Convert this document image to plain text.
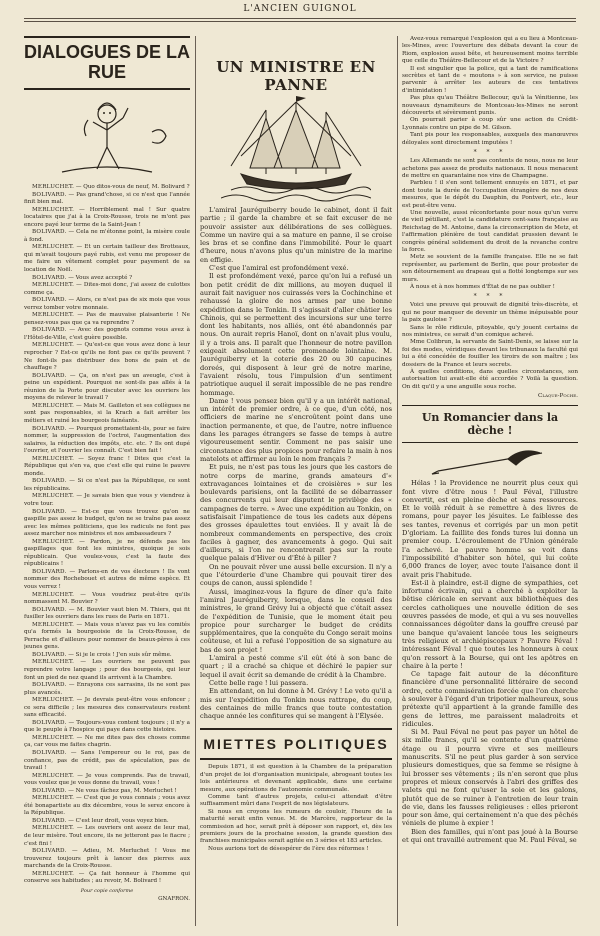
L'ANCIEN GUIGNOL
DIALOGUES DE LA RUE

MERLUCHET. — Quo ditos-vous de neuf, M. Bolivard ?

BOLIVARD. — Pas grand'chose, si ce n'est que l'année finit bien mal.

MERLUCHET. — Horriblement mal ! Sur quatre locataires que j'ai à la Croix-Rousse, trois ne m'ont pas encore payé leur terme de la Saint-Jean !

BOLIVARD. — Cela ne m'étonne point, la misère coule à fond.

MERLUCHET. — Et un certain tailleur des Brotteaux, qui m'avait toujours payé rubis, est venu me proposer de me faire un vêtement complet pour payement de sa location de Noël.

BOLIVARD. — Vous avez accepté ?

MERLUCHET. — Dites-moi donc, j'ai assez de culottes comme ça.

BOLIVARD. — Alors, ce n'est pas de six mois que vous verrez tomber votre monnaie.

MERLUCHET. — Pas de mauvaise plaisanterie ! Ne pensez-vous pas que ça va reprendre ?

BOLIVARD. — Avec des gognots comme vous avez à l'Hôtel-de-Ville, c'est guère possible.

MERLUCHET. — Qu'est-ce que vous avez donc à leur reprocher ? Est-ce qu'ils ne font pas ce qu'ils peuvent ? Ne font-ils pas distribuer des bons de pain et de chauffage ?

BOLIVARD. — Ça, on n'est pas un aveugle, c'est à peine un expédient. Pourquoi ne sont-ils pas allés à la réunion de la Porte pour discuter avec les ouvriers les moyens de relever le travail ?

MERLUCHET. — Mais M. Gailleton et ses collègues ne sont pas responsables, si la Krach a fait arrêter les métiers et ruiné les bourgeois fainéants.

BOLIVARD. — Pourquoi promettaient-ils, pour se faire nommer, la suppression de l'octroi, l'augmentation des salaires, la réduction des impôts, etc. etc. ? Ils ont dupé l'ouvrier, et l'ouvrier les connaît. C'est bien fait !

MERLUCHET. — Soyez franc ! Dites que c'est la République qui s'en va, que c'est elle qui ruine le pauvre monde.

BOLIVARD. — Si ce n'est pas la République, ce sont les républicains.

MERLUCHET. — Je savais bien que vous y viendrez à votre tour.

BOLIVARD. — Est-ce que vous trouvez qu'on ne gaspille pas assez le budget, qu'on ne se traîne pas assez avec les mêmes politiciens, que les radiculs ne font pas assez marcher nos ministres et nos ambassadeurs ?

MERLUCHET. — Pardon, je ne défends pas les gaspillages que font les ministres, quoique je sois républicain. Que voulez-vous, c'est la faute des républicains !

BOLIVARD. — Parlons-en de vos électeurs ! Ils vont nommer des Rochebouet et autres de même espèce. Et vous verrez !

MERLUCHET. — Vous voudriez peut-être qu'ils nommassent M. Bouvier ?

BOLIVARD. — M. Bouvier vaut bien M. Thiers, qui fit fusiller les ouvriers dans les rues de Paris en 1871.

MERLUCHET. — Mais vous n'avez pas vu les comités qu'a formés la bourgeoisie de la Croix-Rousse, de Perrache et d'ailleurs pour nommer de beaux-pères à ces jeunes gens.

BOLIVARD. — Si je le crois ! J'en suis sûr même.

MERLUCHET. — Les ouvriers ne peuvent pas reprendre votre langage ; pour des bourgeois, qui leur font un pied de nez quand ils arrivent à la Chambre.

BOLIVARD. — Enrayons ces sarrasins, ils ne sont pas plus avancés.

MERLUCHET. — Je devrais peut-être vous enfoncer ; ce sera difficile ; les mesures des conservateurs restent sans efficacité.

BOLIVARD. — Toujours-vous content toujours ; il n'y a que le peuple à l'hospice qui paye dans cette histoire.

MERLUCHET. — Ne me dites pas des choses comme ça, car vous me faites chagrin.

BOLIVARD. — Sans l'empereur ou le roi, pas de confiance, pas de crédit, pas de spéculation, pas de travail !

MERLUCHET. — Je vous comprends. Pas de travail, vous voulez que je vous donne du travail, vous !

BOLIVARD. — Ne vous fâchez pas, M. Merluchet !

MERLUCHET. — C'est que je vous connais ; vous avez été bonapartiste au dix décembre, vous le serez encore à la République.

BOLIVARD. — C'est leur droit, vous voyez bien.

MERLUCHET. — Les ouvriers ont assez de leur mal, de leur misère. Tout encore, ils ne jetteront pas le fiacre ; c'est fini !

BOLIVARD. — Adieu, M. Merluchet ! Vous me trouverez toujours prêt à lancer des pierres aux marchands de la Croix-Rousse.

MERLUCHET. — Ça fait honneur à l'homme qui conserve ses habitudes ; au revoir, M. Bolivard !

Pour copie conforme
GNAFRON.
UN MINISTRE EN PANNE

L'amiral Jauréguiberry boude le cabinet, dont il fait partie ; il garde la chambre et se fait excuser de ne pouvoir assister aux délibérations de ses collègues. Comme un navire qui a sa mature en panne, il se croise les bras et se confine dans l'immobilité. Pour le quart d'heure, nous n'avons plus qu'un ministre de la marine en effigie.

C'est que l'amiral est profondément vexé.

Il est profondément vexé, parce qu'on lui a refusé un bon petit crédit de dix millions, au moyen duquel il aurait fait naviguer nos cuirassés vers la Cochinchine et rehaussé la gloire de nos armes par une bonne expédition dans le Tonkin. Il s'agissait d'aller châtier les Chinois, qui se permettent des incursions sur une terre dont les habitants, nos alliés, ont été abandonnés par nous. On aurait repris Hanoï, dont on n'avait plus voulu, il y a trois ans. Il paraît que l'honneur de notre pavillon exigeait absolument cette promenade lointaine. M. Jauréguiberry et la coterie des 20 ou 30 capucines doreés, qui disposent à leur gré de notre marine, l'avaient résolu, tous l'impulsion d'un sentiment patriotique auquel il serait impossible de ne pas rendre hommage.

Dame ! vous pensez bien qu'il y a un intérêt national, un intérêt de premier ordre, à ce que, d'un côté, nos officiers de marine ne s'encroûtent point dans une inaction permanente, et que, de l'autre, notre influence dans les parages étrangers se fasse de temps à autre vigoureusement sentir. Comment ne pas saisir une circonstance des plus propices pour refaire la main à nos matelots et affirmer au loin le nom français ?

Et puis, ne n'est pas tous les jours que les castors de notre corps de marine, grands amateurs d'« extravagances lointaines et de croisières » sur les boulevards parisiens, ont la facilité de se débarrasser des concurrents qui leur disputent le privilège des « campagnes de terre. » Avec une expédition au Tonkin, on satisfaisait l'impatience de tous les cadets aux dépens des grosses épaulettes tout enviées. Il y avait là de nombreux commandements en perspective, des croix faciles à gagner, des avancements à gogo. Qui sait d'ailleurs, si l'on ne rencontrerait pas sur la route quelque palais d'Hiver ou d'Été à piller ?

On ne pouvait rêver une aussi belle excursion. Il n'y a que l'étourderie d'une Chambre qui pouvait tirer des coups de canon, aussi splendide !

Aussi, imaginez-vous la figure de dîner qu'a faite l'amiral Jauréguiberry, lorsque, dans le conseil des ministres, le grand Grévy lui a objecté que c'était assez de l'expédition de Tunisie, que le moment était peu propice pour surcharger le budget de crédits supplémentaires, que la conquête du Congo serait moins coûteuse, et lui a refusé l'opposition de sa signature au bas de son projet !

L'amiral a pesté comme s'il eût été à son banc de quart ; il a craché sa chique et déchiré le papier sur lequel il avait écrit sa demande de crédit à la Chambre.

Cette belle rage ! lui passera.

En attendant, on lui donne à M. Grévy ! Le veto qu'il a mis sur l'expédition du Tonkin nous rattrape, du coup, des centaines de mille francs que toute contestation chaque année les confitures qui se mangent à l'Élysée.

MIETTES POLITIQUES

Depuis 1871, il est question à la Chambre de la préparation d'un projet de loi d'organisation municipale, abrogeant toutes les lois antérieures et devenant applicable, dans une certaine mesure, aux opérations de l'autonomie communale.

Comme tant d'autres projets, celui-ci attendait d'être suffisamment mûri dans l'esprit de nos législateurs.

Si nous en croyons les rumeurs de couloir, l'heure de la maturité serait enfin venue. M. de Marcère, rapporteur de la commission ad hoc, serait prêt à déposer son rapport, et, dès les premiers jours de la prochaine session, la grande question des franchises municipales serait agitée en 3 séries et 183 articles.

Nous aurions tort de désespérer de l'ère des réformes !

Avez-vous remarqué l'explosion qui a eu lieu à Montceau-les-Mines, avec l'ouverture des débats devant la cour de Riom, explosion aussi bête, et heureusement moins terrible que celle du Théâtre-Bellecour et de la Victoire ?

Il est singulier que la police, qui a tant de ramifications secrètes et tant de « moutons » à son service, ne puisse parvenir à arrêter les auteurs de ces tentatives d'intimidation !

Pas plus qu'au Théâtre Bellecour, qu'à la Vénitienne, les nouveaux dynamiteurs de Montceau-les-Mines ne seront découverts et sévèrement punis.

On pourrait parier à coup sûr une action du Crédit-Lyonnais contre un pipe de M. Gilson.

Tant pis pour les responsables, auxquels des manœuvres déloyales sont directement imputées !

* * *

Les Allemands ne sont pas contents de nous, nous ne leur achetons pas assez de produits nationaux. Il nous menacent de mettre en quarantaine nos vins de Champagne.

Parbleu ! il s'en sont tellement ennuyés en 1871, et par dont toute la durée de l'occupation étrangère de nos deux mesures, que le dépôt du Dauphin, du Pontvert, etc., leur est peut-être venu.

Une nouvelle, aussi réconfortante pour nous qu'un verre de vieil pétillant, c'est la candidature cent-sans française au Reichstag de M. Antoine, dans la circonscription de Metz, et l'affirmation plénière de tout candidat prussien devant le congrès général solidement du droit de la revanche contre la force.

Metz se souvient de la famille française. Elle ne se fait représenter, au parlement de Berlin, que pour protester de son détournement au drapeau qui a flotté longtemps sur ses murs.

À nous et à nos hommes d'État de ne pas oublier !

* * *

Voici une preuve qui prouvait de dignité très-discrète, et qui ne pour manquer de devenir un thème inépuisable pour la paix gauloise ?

Sans le rôle ridicule, pitoyable, qu'y jouent certains de nos ministres, ce serait d'un comique achevé.

Mme Colibrun, la servante de Saint-Denis, se laisse sur la foi des modes, véridiques devant les tribunaux la faculté qui lui a été concédée de fouiller les tiroirs de son maître ; les dossiers de la France et leurs secrets.

À quelles conditions, dans quelles circonstances, son autorisation lui avait-elle été accordée ? Voilà la question. On dit qu'il y a une anguille sous roche.

Claque-Poche.
Un Romancier dans la dèche !

Hélas ! la Providence ne nourrit plus ceux qui font vivre d'être nous ! Paul Féval, l'illustre convertit, est en pleine dèche et sans ressources. Et le voilà réduit à se remettre à des livres de romans, pour payer les jésuites. Le faiblesse des ses tantes, revenus et corrigés par un mon petit D'gloriam. La faillite des fonds tures lui donna un premier coup. L'écroulement de l'Union générale l'a achevé. Le pauvre homme se voit dans l'impossibilité d'habiter son hôtel, qui lui coûte 6,000 francs de loyer, avec toute l'aisance dont il avait pris l'habitude.

Est-il à plaindre, est-il digne de sympathies, cet infortuné écrivain, qui a cherché à exploiter la bêtise cléricale en servant aux bibliothèques des cercles catholiques une nouvelle édition de ses œuvres passées de mode, et qui a vu ses nouvelles connaissances dégoûter dans la gouffre creusé par une banque qu'avaient lancée tous les seigneurs très religieux et archiépiscopaux ? Pauvre Féval ! intéressant Féval ! que toutes les honneurs à ceux qu'on ressort à la Bourse, qui ont les apôtres en chaire à la perte !

Ce tapage fait autour de la déconfiture financière d'une personnalité littéraire de second ordre, cette commisération forcée que l'on cherche à soulever à l'égard d'un tripotier malheureux, sous prétexte qu'il appartient à la grande famille des gens de lettres, me paraissent maladroits et ridicules.

Si M. Paul Féval ne peut pas payer un hôtel de six mille francs, qu'il se contente d'un quatrième étage ou il pourra vivre et ses meilleurs manuscrits. S'il ne peut plus garder à son service plusieurs domestiques, que sa femme se résigne à lui brosser ses vêtements ; ils n'en seront que plus propres et mieux conservés à l'abri des griffes des valets qui ne font qu'user la soie et les galons, plutôt que de se ruiner à l'entretien de leur train de vie, dans les fausses religieuses : elles prieront pour son âme, qui certainement n'a que des pêchés véniels de plume à expier !

Bien des familles, qui n'ont pas joué à la Bourse et qui ont travaillé autrement que M. Paul Féval, se
